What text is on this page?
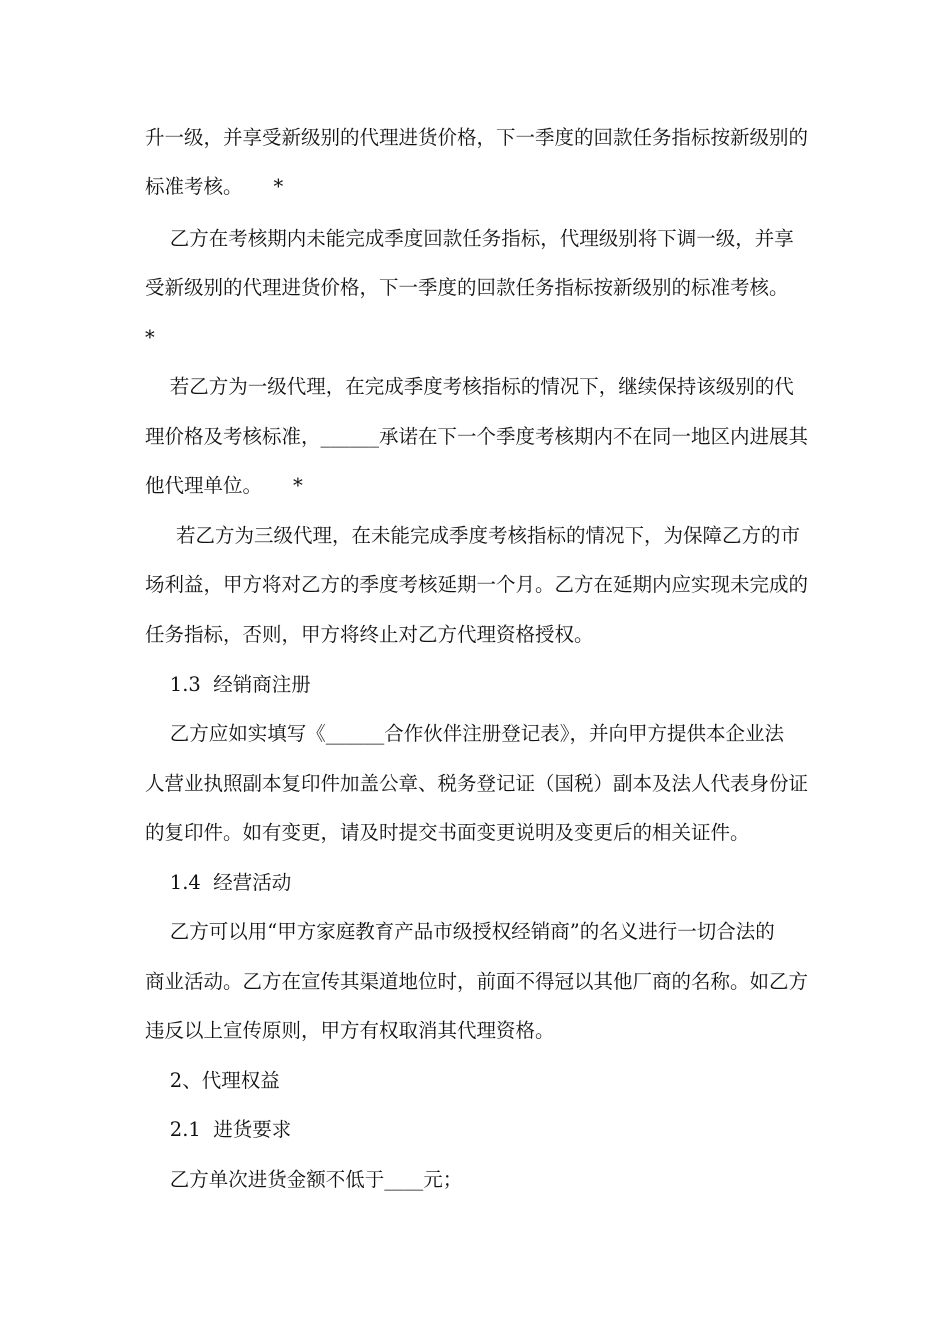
升一级，并享受新级别的代理进货价格，下一季度的回款任务指标按新级别的
标准考核。     *
乙方在考核期内未能完成季度回款任务指标，代理级别将下调一级，并享
受新级别的代理进货价格，下一季度的回款任务指标按新级别的标准考核。
*
若乙方为一级代理，在完成季度考核指标的情况下，继续保持该级别的代
理价格及考核标准，______承诺在下一个季度考核期内不在同一地区内进展其
他代理单位。     *
若乙方为三级代理，在未能完成季度考核指标的情况下，为保障乙方的市
场利益，甲方将对乙方的季度考核延期一个月。乙方在延期内应实现未完成的
任务指标，否则，甲方将终止对乙方代理资格授权。
1.3  经销商注册
乙方应如实填写《______合作伙伴注册登记表》，并向甲方提供本企业法
人营业执照副本复印件加盖公章、税务登记证（国税）副本及法人代表身份证
的复印件。如有变更，请及时提交书面变更说明及变更后的相关证件。
1.4  经营活动
乙方可以用“甲方家庭教育产品市级授权经销商”的名义进行一切合法的
商业活动。乙方在宣传其渠道地位时，前面不得冠以其他厂商的名称。如乙方
违反以上宣传原则，甲方有权取消其代理资格。
2、代理权益
2.1  进货要求
乙方单次进货金额不低于____元；
